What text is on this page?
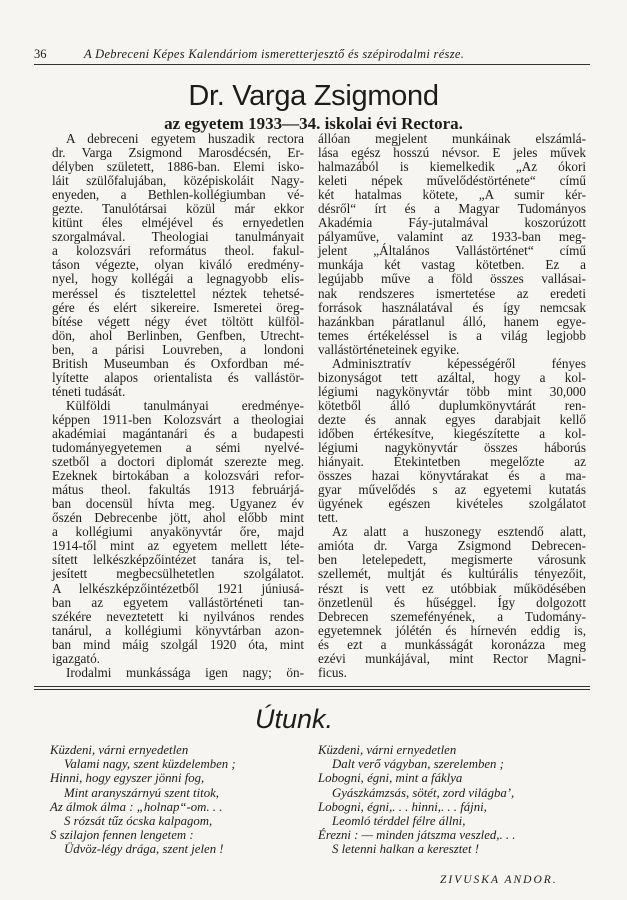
36	A Debreceni Képes Kalendáriom ismeretterjesztő és szépirodalmi része.
Dr. Varga Zsigmond
az egyetem 1933—34. iskolai évi Rectora.
A debreceni egyetem huszadik rectora
dr. Varga Zsigmond Marosdécsén, Er-
délyben született, 1886-ban. Elemi isko-
láit szülőfalujában, középiskoláit Nagy-
enyeden, a Bethlen-kollégiumban vé-
gezte. Tanulótársai közül már ekkor
kitünt éles elméjével és ernyedetlen
szorgalmával. Theologiai tanulmányait
a kolozsvári református theol. fakul-
táson végezte, olyan kiváló eredmény-
nyel, hogy kollégái a legnagyobb elis-
meréssel és tisztelettel néztek tehetsé-
gére és elért sikereire. Ismeretei öreg-
bítése végett négy évet töltött külföl-
dön, ahol Berlinben, Genfben, Utrecht-
ben, a párisi Louvreben, a londoni
British Museumban és Oxfordban mé-
lyítette alapos orientalista és vallástör-
téneti tudását.
Külföldi tanulmányai eredménye-
képpen 1911-ben Kolozsvárt a theologiai
akadémiai magántanári és a budapesti
tudományegyetemen a sémi nyelvé-
szetből a doctori diplomát szerezte meg.
Ezeknek birtokában a kolozsvári refor-
mátus theol. fakultás 1913 februárjá-
ban docensül hívta meg. Ugyanez év
őszén Debrecenbe jött, ahol előbb mint
a kollégiumi anyakönyvtár őre, majd
1914-től mint az egyetem mellett léte-
sített lelkészképzőintézet tanára is, tel-
jesített megbecsülhetetlen szolgálatot.
A lelkészképzőintézetből 1921 júniusá-
ban az egyetem vallástörténeti tan-
székére neveztetett ki nyilvános rendes
tanárul, a kollégiumi könyvtárban azon-
ban mind máig szolgál 1920 óta, mint
igazgató.
Irodalmi munkássága igen nagy; ön-
állóan megjelent munkáinak elszámlá-
lása egész hosszú névsor. E jeles művek
halmazából is kiemelkedik „Az ókori
keleti népek művelődéstörténete“ című
két hatalmas kötete, „A sumir kér-
désről“ írt és a Magyar Tudományos
Akadémia Fáy-jutalmával koszorúzott
pályaműve, valamint az 1933-ban meg-
jelent „Általános Vallástörténet“ című
munkája két vastag kötetben. Ez a
legújabb műve a föld összes vallásai-
nak rendszeres ismertetése az eredeti
források használatával és így nemcsak
hazánkban páratlanul álló, hanem egye-
temes értékeléssel is a világ legjobb
vallástörténeteinek egyike.
Adminisztratív képességéről fényes
bizonyságot tett azáltal, hogy a kol-
légiumi nagykönyvtár több mint 30,000
kötetből álló duplumkönyvtárát ren-
dezte és annak egyes darabjait kellő
időben értékesítve, kiegészítette a kol-
légiumi nagykönyvtár összes háborús
hiányait. Étekintetben megelőzte az
összes hazai könyvtárakat és a ma-
gyar művelődés s az egyetemi kutatás
ügyének egészen kivételes szolgálatot
tett.
Az alatt a huszonegy esztendő alatt,
amióta dr. Varga Zsigmond Debrecen-
ben letelepedett, megismerte városunk
szellemét, multját és kultúrális tényezőit,
részt is vett ez utóbbiak működésében
önzetlenül és hűséggel. Így dolgozott
Debrecen szemefényének, a Tudomány-
egyetemnek jólétén és hírnevén eddig is,
és ezt a munkásságát koronázza meg
ezévi munkájával, mint Rector Magni-
ficus.
Útunk.
Küzdeni, várni ernyedetlen
Valami nagy, szent küzdelemben ;
Hinni, hogy egyszer jönni fog,
Mint aranyszárnyú szent titok,
Az álmok álma : „holnap“-om. . .
S rózsát tűz ócska kalpagom,
S szilajon fennen lengetem :
Üdvöz-légy drága, szent jelen !
Küzdeni, várni ernyedetlen
Dalt verő vágyban, szerelemben ;
Lobogni, égni, mint a fáklya
Gyászkámzsás, sötét, zord világba’,
Lobogni, égni,. . . hinni,. . . fájni,
Leomló térddel félre állni,
Érezni : — minden játszma veszled,. . .
S letenni halkan a keresztet !
ZIVUSKA ANDOR.
